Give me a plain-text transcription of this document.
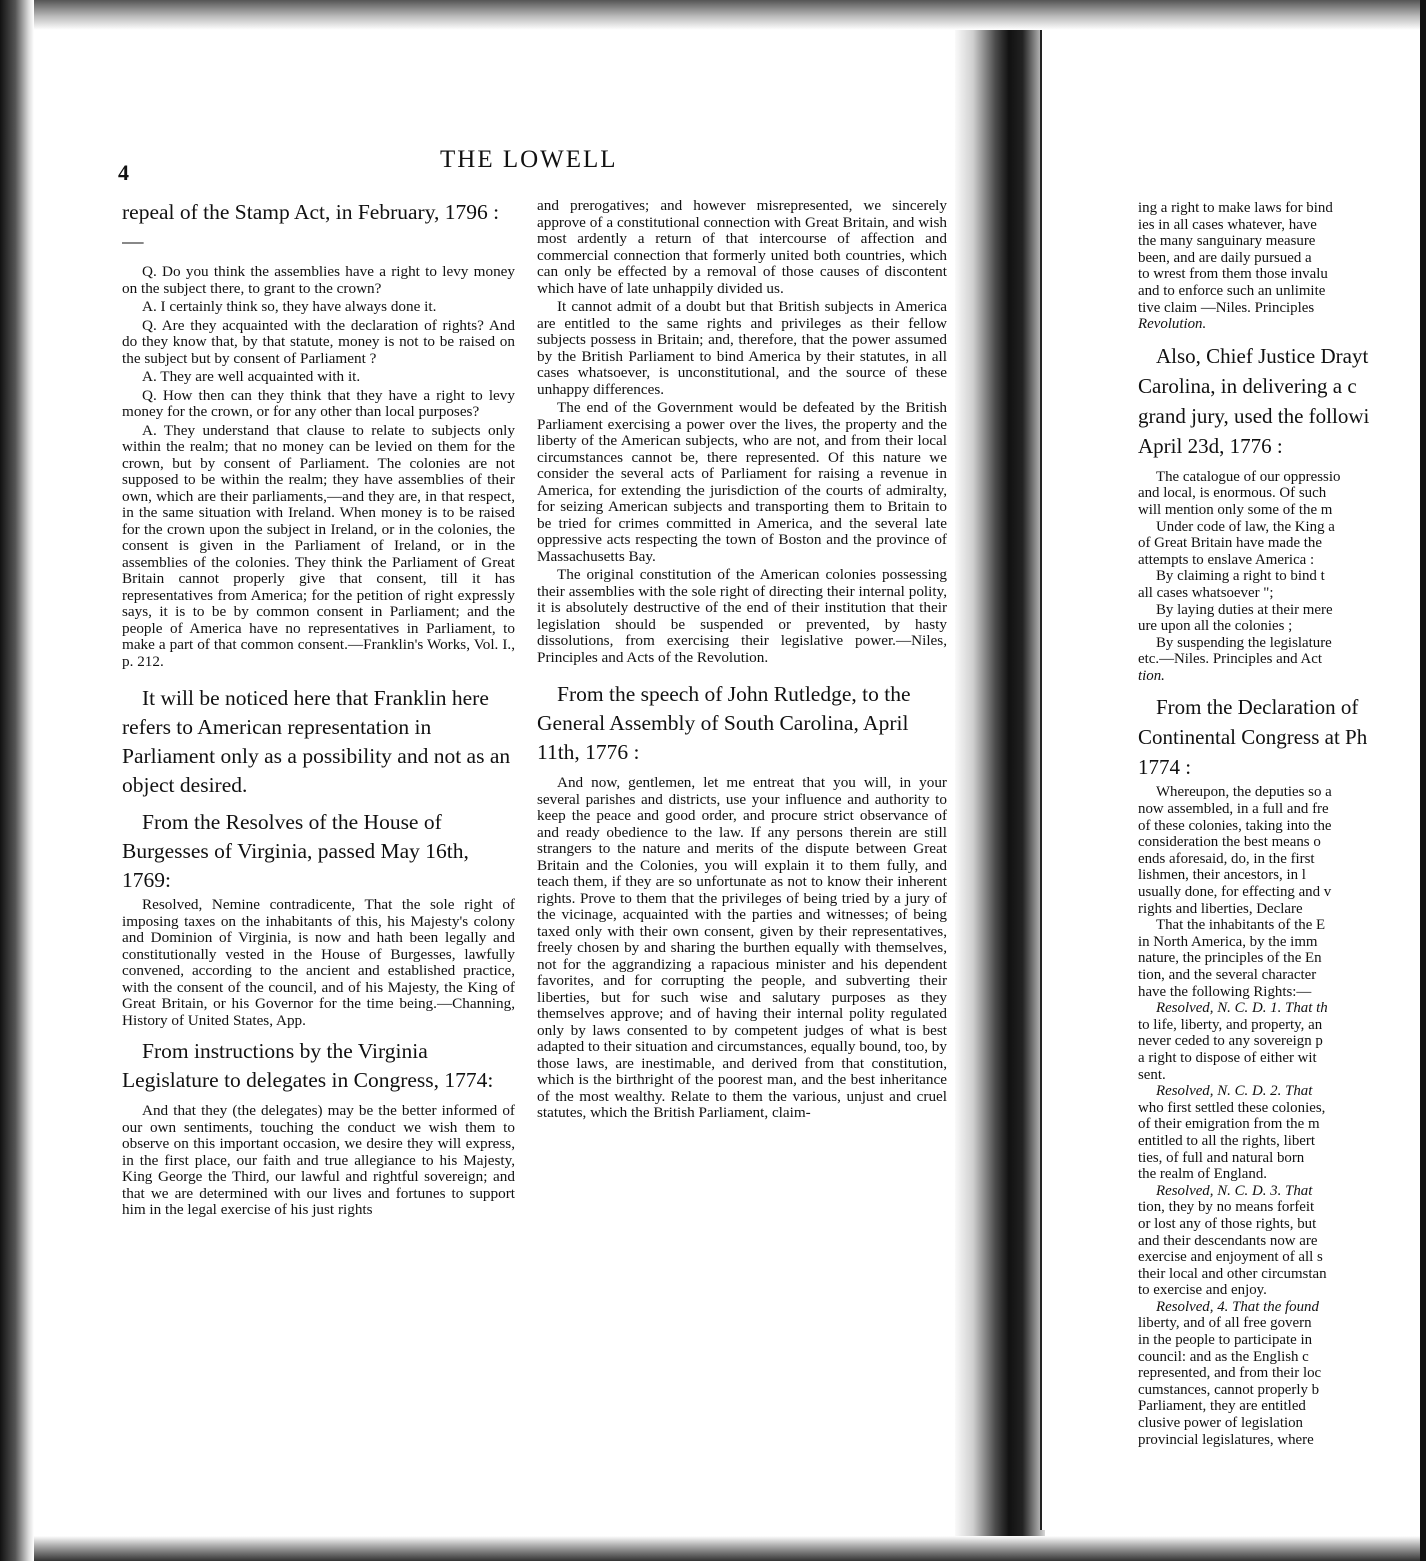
4	THE LOWELL

repeal of the Stamp Act, in February, 1796 :—

Q. Do you think the assemblies have a right to levy money on the subject there, to grant to the crown?

A. I certainly think so, they have always done it.

Q. Are they acquainted with the declaration of rights? And do they know that, by that statute, money is not to be raised on the subject but by consent of Parliament ?

A. They are well acquainted with it.

Q. How then can they think that they have a right to levy money for the crown, or for any other than local purposes?

A. They understand that clause to relate to subjects only within the realm; that no money can be levied on them for the crown, but by consent of Parliament. The colonies are not supposed to be within the realm; they have assemblies of their own, which are their parliaments,—and they are, in that respect, in the same situation with Ireland. When money is to be raised for the crown upon the subject in Ireland, or in the colonies, the consent is given in the Parliament of Ireland, or in the assemblies of the colonies. They think the Parliament of Great Britain cannot properly give that consent, till it has representatives from America; for the petition of right expressly says, it is to be by common consent in Parliament; and the people of America have no representatives in Parliament, to make a part of that common consent.—Franklin's Works, Vol. I., p. 212.

It will be noticed here that Franklin here refers to American representation in Parliament only as a possibility and not as an object desired.

From the Resolves of the House of Burgesses of Virginia, passed May 16th, 1769:

Resolved, Nemine contradicente, That the sole right of imposing taxes on the inhabitants of this, his Majesty's colony and Dominion of Virginia, is now and hath been legally and constitutionally vested in the House of Burgesses, lawfully convened, according to the ancient and established practice, with the consent of the council, and of his Majesty, the King of Great Britain, or his Governor for the time being.—Channing, History of United States, App.

From instructions by the Virginia Legislature to delegates in Congress, 1774:

And that they (the delegates) may be the better informed of our own sentiments, touching the conduct we wish them to observe on this important occasion, we desire they will express, in the first place, our faith and true allegiance to his Majesty, King George the Third, our lawful and rightful sovereign; and that we are determined with our lives and fortunes to support him in the legal exercise of his just rights

and prerogatives; and however misrepresented, we sincerely approve of a constitutional connection with Great Britain, and wish most ardently a return of that intercourse of affection and commercial connection that formerly united both countries, which can only be effected by a removal of those causes of discontent which have of late unhappily divided us.

It cannot admit of a doubt but that British subjects in America are entitled to the same rights and privileges as their fellow subjects possess in Britain; and, therefore, that the power assumed by the British Parliament to bind America by their statutes, in all cases whatsoever, is unconstitutional, and the source of these unhappy differences.

The end of the Government would be defeated by the British Parliament exercising a power over the lives, the property and the liberty of the American subjects, who are not, and from their local circumstances cannot be, there represented. Of this nature we consider the several acts of Parliament for raising a revenue in America, for extending the jurisdiction of the courts of admiralty, for seizing American subjects and transporting them to Britain to be tried for crimes committed in America, and the several late oppressive acts respecting the town of Boston and the province of Massachusetts Bay.

The original constitution of the American colonies possessing their assemblies with the sole right of directing their internal polity, it is absolutely destructive of the end of their institution that their legislation should be suspended or prevented, by hasty dissolutions, from exercising their legislative power.—Niles, Principles and Acts of the Revolution.

From the speech of John Rutledge, to the General Assembly of South Carolina, April 11th, 1776 :

And now, gentlemen, let me entreat that you will, in your several parishes and districts, use your influence and authority to keep the peace and good order, and procure strict observance of and ready obedience to the law. If any persons therein are still strangers to the nature and merits of the dispute between Great Britain and the Colonies, you will explain it to them fully, and teach them, if they are so unfortunate as not to know their inherent rights. Prove to them that the privileges of being tried by a jury of the vicinage, acquainted with the parties and witnesses; of being taxed only with their own consent, given by their representatives, freely chosen by and sharing the burthen equally with themselves, not for the aggrandizing a rapacious minister and his dependent favorites, and for corrupting the people, and subverting their liberties, but for such wise and salutary purposes as they themselves approve; and of having their internal polity regulated only by laws consented to by competent judges of what is best adapted to their situation and circumstances, equally bound, too, by those laws, are inestimable, and derived from that constitution, which is the birthright of the poorest man, and the best inheritance of the most wealthy. Relate to them the various, unjust and cruel statutes, which the British Parliament, claim-

ing a right to make laws for bind

ies in all cases whatever, have

the many sanguinary measure

been, and are daily pursued a

to wrest from them those invalu

and to enforce such an unlimite

tive claim —Niles. Principles

Revolution.

Also, Chief Justice Drayt

Carolina, in delivering a c

grand jury, used the followi

April 23d, 1776 :

The catalogue of our oppressio

and local, is enormous. Of such

will mention only some of the m

Under code of law, the King a

of Great Britain have made the

attempts to enslave America :

By claiming a right to bind t

all cases whatsoever ";

By laying duties at their mere

ure upon all the colonies ;

By suspending the legislature

etc.—Niles. Principles and Act

tion.

From the Declaration of

Continental Congress at Ph

1774 :

Whereupon, the deputies so a

now assembled, in a full and fre

of these colonies, taking into the

consideration the best means o

ends aforesaid, do, in the first

lishmen, their ancestors, in l

usually done, for effecting and v

rights and liberties, Declare

That the inhabitants of the E

in North America, by the imm

nature, the principles of the En

tion, and the several character

have the following Rights:—

Resolved, N. C. D. 1. That th

to life, liberty, and property, an

never ceded to any sovereign p

a right to dispose of either wit

sent.

Resolved, N. C. D. 2. That

who first settled these colonies,

of their emigration from the m

entitled to all the rights, libert

ties, of full and natural born

the realm of England.

Resolved, N. C. D. 3. That

tion, they by no means forfeit

or lost any of those rights, but

and their descendants now are

exercise and enjoyment of all s

their local and other circumstan

to exercise and enjoy.

Resolved, 4. That the found

liberty, and of all free govern

in the people to participate in

council: and as the English c

represented, and from their loc

cumstances, cannot properly b

Parliament, they are entitled

clusive power of legislation

provincial legislatures, where
